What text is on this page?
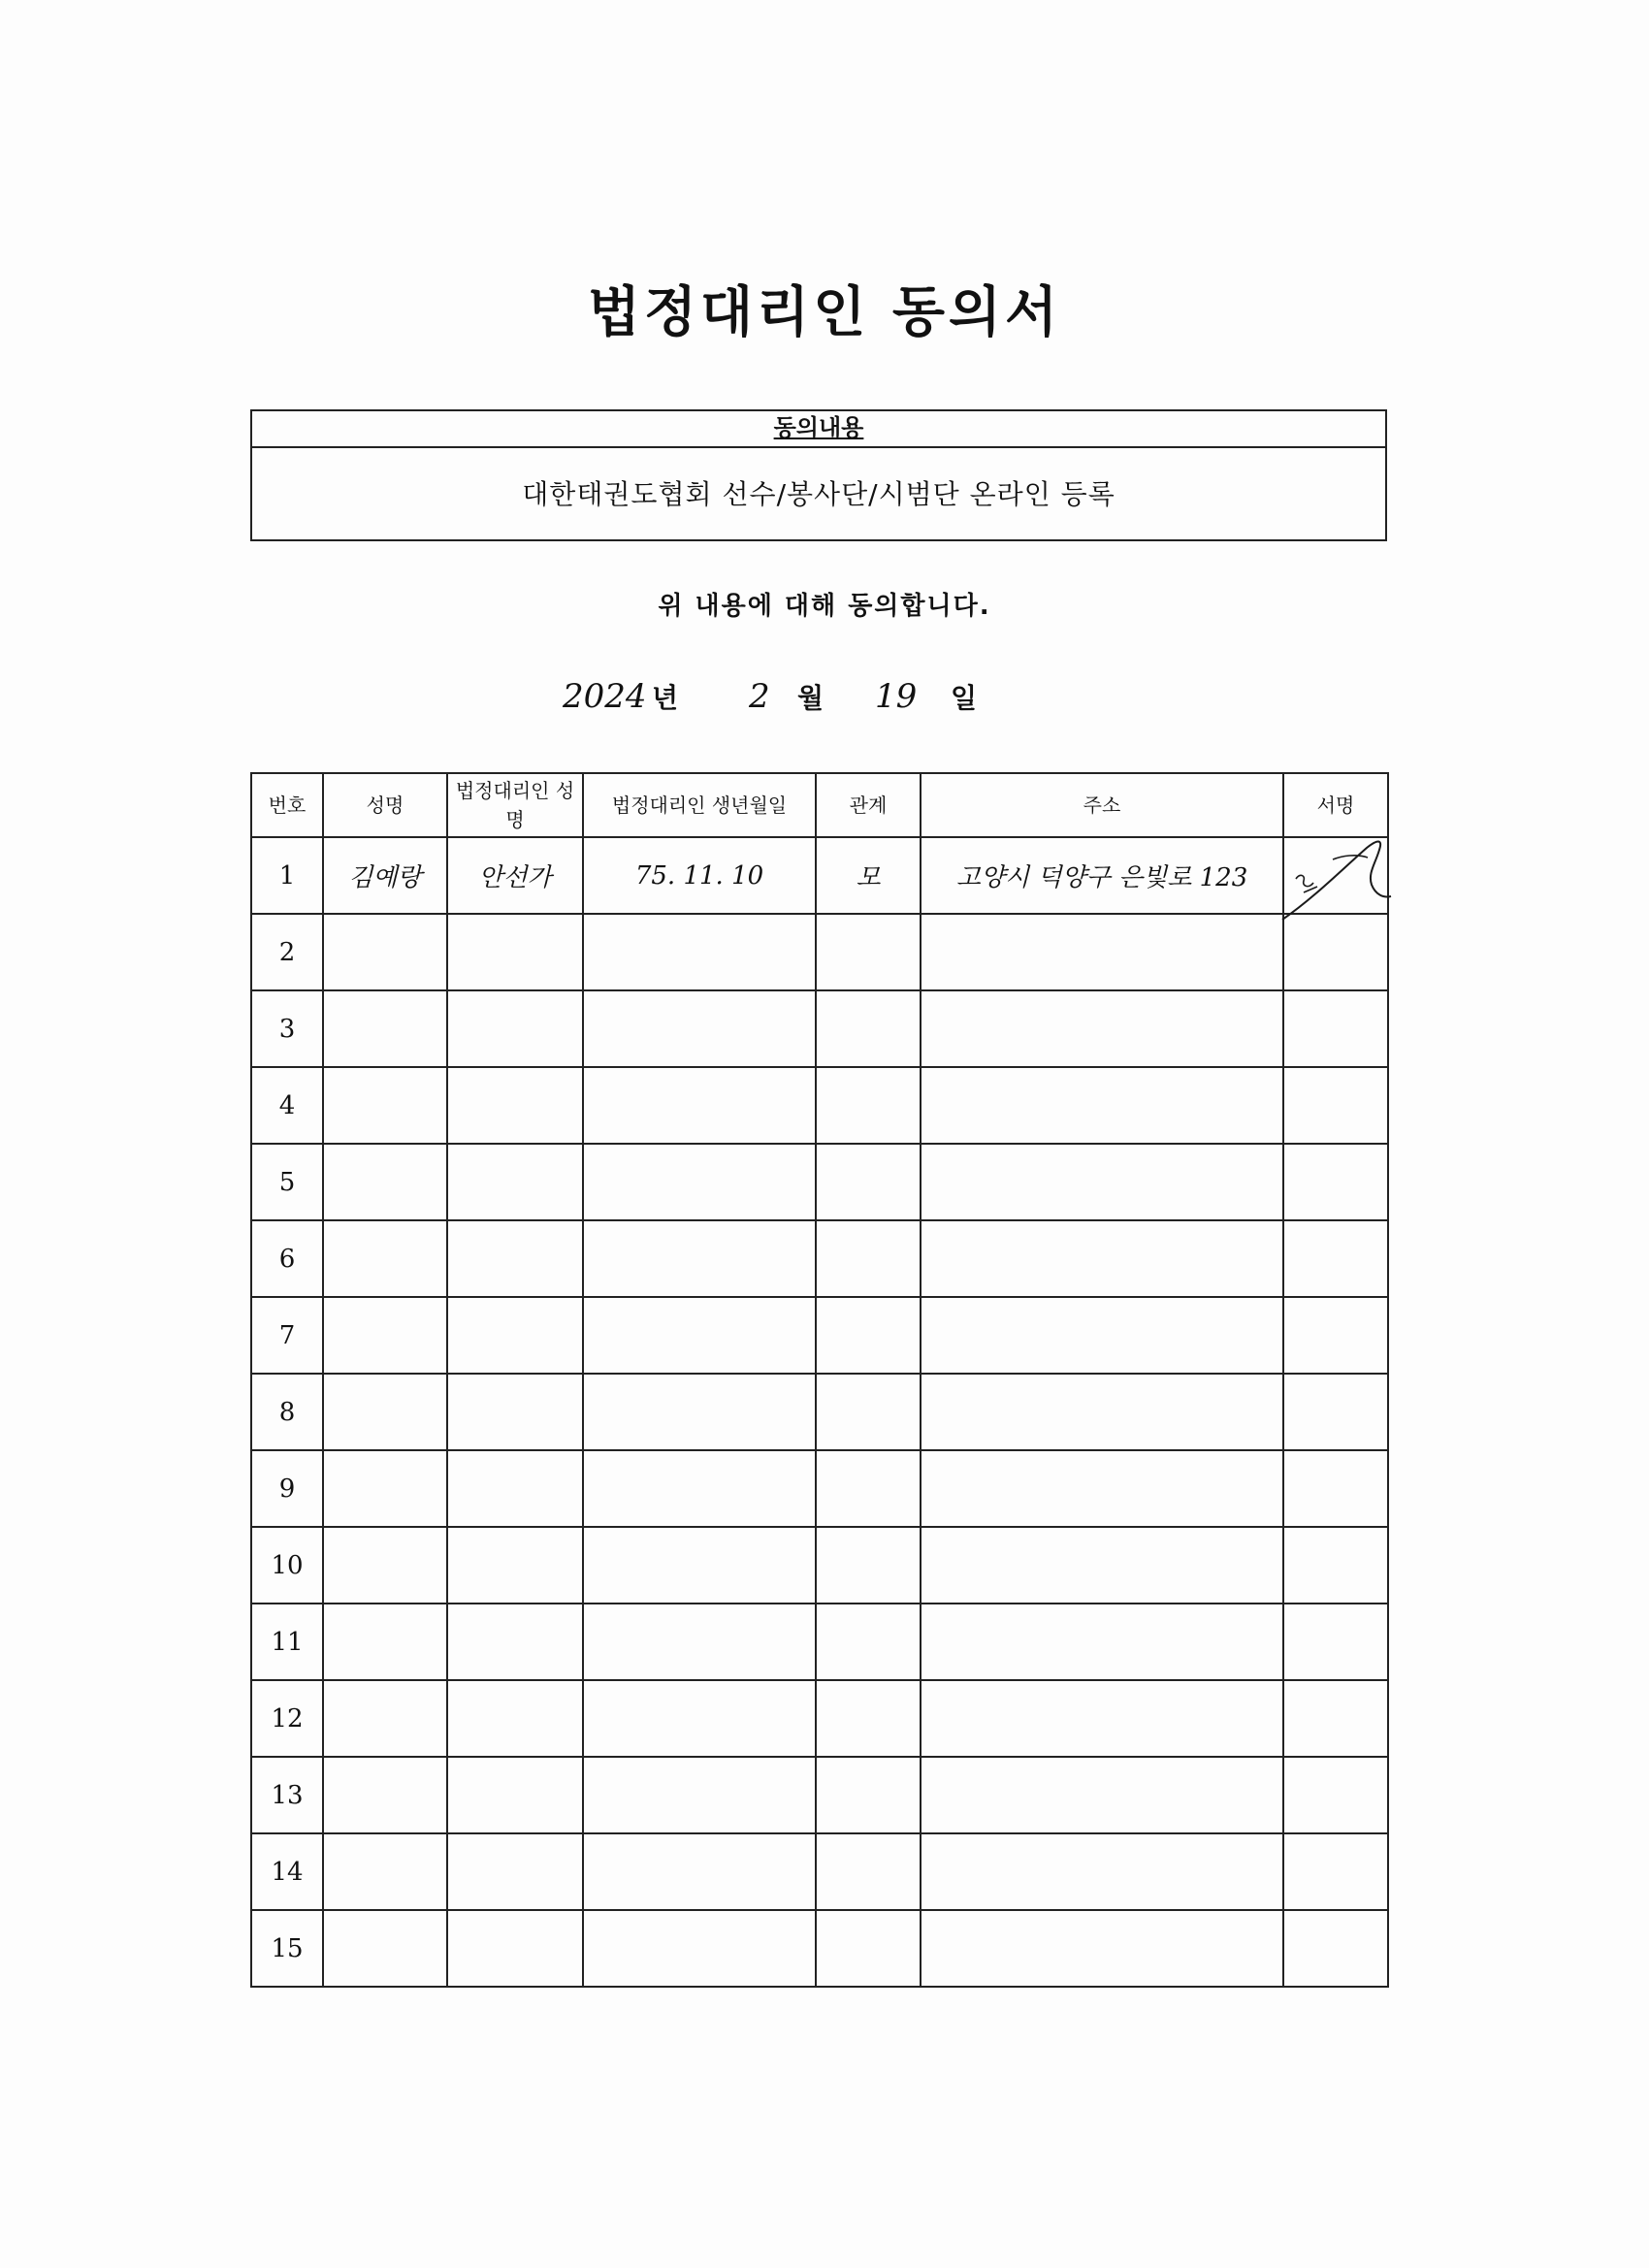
법정대리인 동의서
동의내용
대한태권도협회 선수/봉사단/시범단 온라인 등록
위 내용에 대해 동의합니다.
2024 년 2 월 19 일
번호	성명	법정대리인 성명	법정대리인 생년월일	관계	주소	서명
1	김예랑	안선가	75. 11. 10	모	고양시 덕양구 은빛로 123	

2						
3						
4						
5						
6						
7						
8						
9						
10						
11						
12						
13						
14						
15						
